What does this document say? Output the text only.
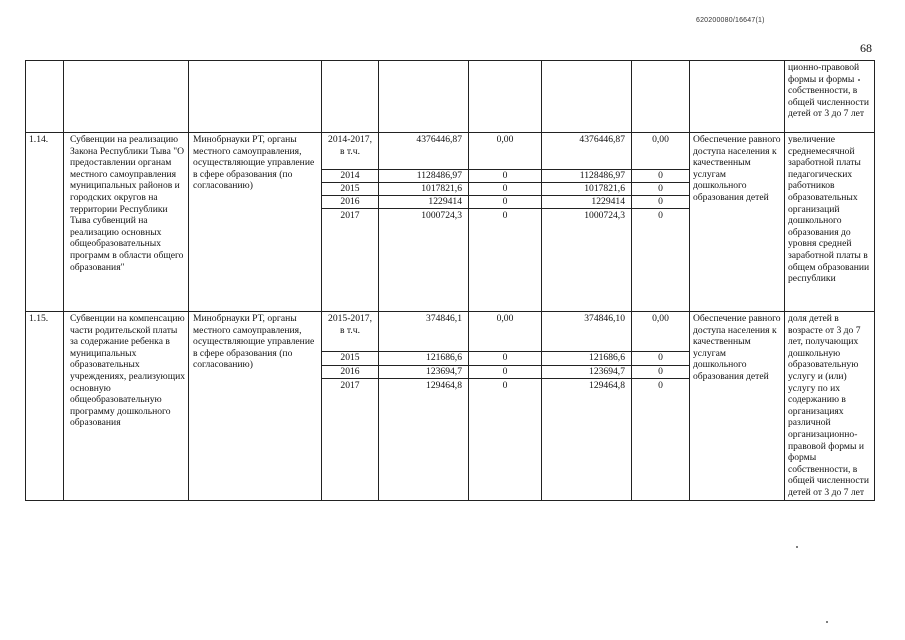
620200080/16647(1)
68
									ционно-правовой формы и формы собственности, в общей численности детей от 3 до 7 лет
1.14.	Субвенции на реализацию Закона Республики Тыва "О предоставлении органам местного самоуправления муниципальных районов и городских округов на территории Республики Тыва субвенций на реализацию основных общеобразовательных программ в области общего образования"	Минобрнауки РТ, органы местного самоуправления, осуществляющие управление в сфере образования (по согласованию)	2014-2017, в т.ч.	4376446,87	0,00	4376446,87	0,00	Обеспечение равного доступа населения к качественным услугам дошкольного образования детей	увеличение среднемесячной заработной платы педагогических работников образовательных организаций дошкольного образования до уровня средней заработной платы в общем образовании республики
			2014	1128486,97	0	1128486,97	0		
			2015	1017821,6	0	1017821,6	0		
			2016	1229414	0	1229414	0		
			2017	1000724,3	0	1000724,3	0		
1.15.	Субвенции на компенсацию части родительской платы за содержание ребенка в муниципальных образовательных учреждениях, реализующих основную общеобразовательную программу дошкольного образования	Минобрнауки РТ, органы местного самоуправления, осуществляющие управление в сфере образования (по согласованию)	2015-2017, в т.ч.	374846,1	0,00	374846,10	0,00	Обеспечение равного доступа населения к качественным услугам дошкольного образования детей	доля детей в возрасте от 3 до 7 лет, получающих дошкольную образовательную услугу и (или) услугу по их содержанию в организациях различной организационно-правовой формы и формы собственности, в общей численности детей от 3 до 7 лет
			2015	121686,6	0	121686,6	0		
			2016	123694,7	0	123694,7	0		
			2017	129464,8	0	129464,8	0		
